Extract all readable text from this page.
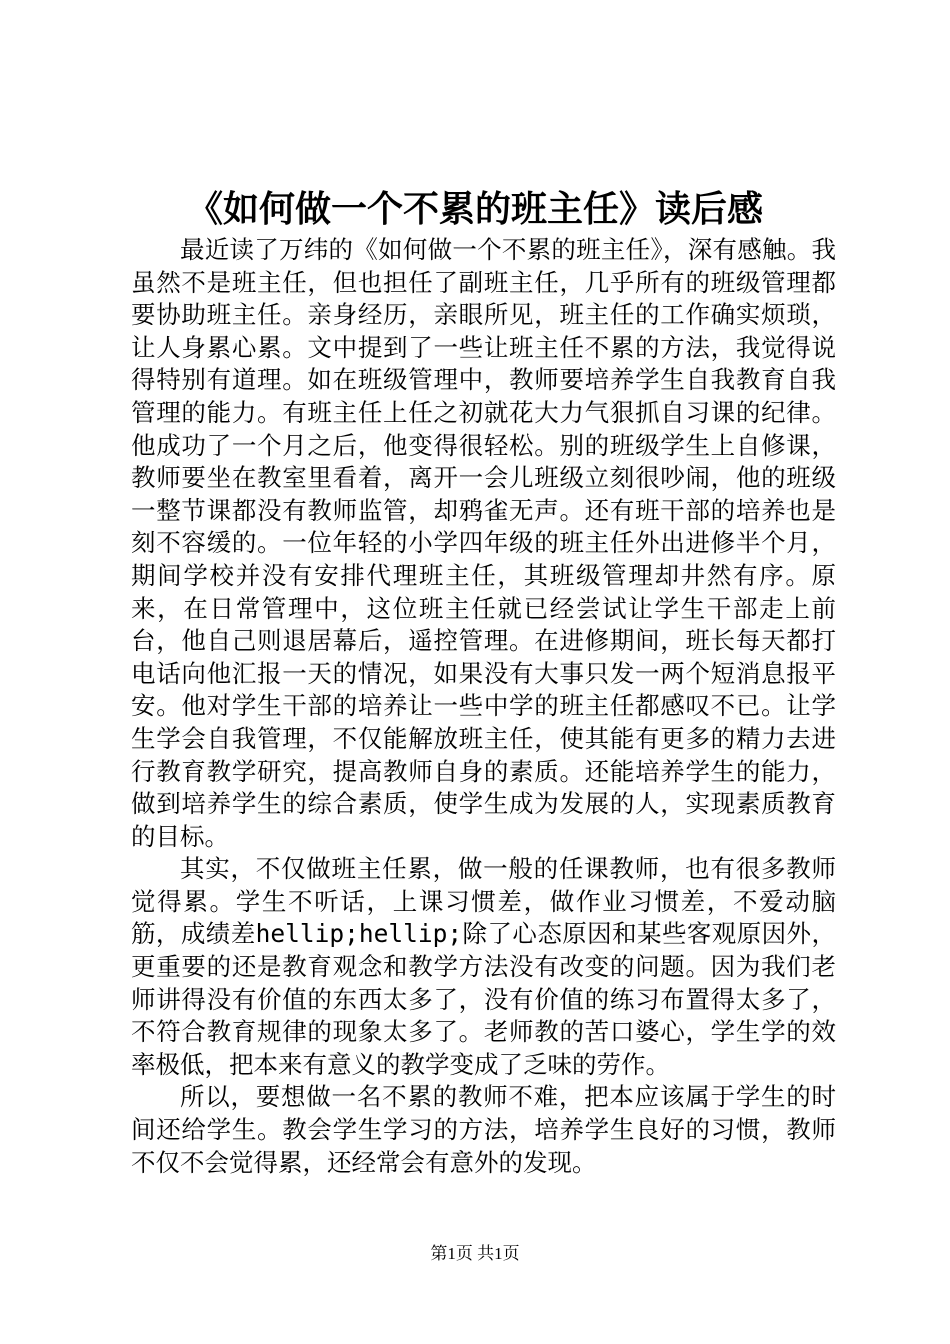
《如何做一个不累的班主任》读后感

最近读了万纬的《如何做一个不累的班主任》，深有感触。我虽然不是班主任，但也担任了副班主任，几乎所有的班级管理都要协助班主任。亲身经历，亲眼所见，班主任的工作确实烦琐，让人身累心累。文中提到了一些让班主任不累的方法，我觉得说得特别有道理。如在班级管理中，教师要培养学生自我教育自我管理的能力。有班主任上任之初就花大力气狠抓自习课的纪律。他成功了一个月之后，他变得很轻松。别的班级学生上自修课，教师要坐在教室里看着，离开一会儿班级立刻很吵闹，他的班级一整节课都没有教师监管，却鸦雀无声。还有班干部的培养也是刻不容缓的。一位年轻的小学四年级的班主任外出进修半个月，期间学校并没有安排代理班主任，其班级管理却井然有序。原来，在日常管理中，这位班主任就已经尝试让学生干部走上前台，他自己则退居幕后，遥控管理。在进修期间，班长每天都打电话向他汇报一天的情况，如果没有大事只发一两个短消息报平安。他对学生干部的培养让一些中学的班主任都感叹不已。让学生学会自我管理，不仅能解放班主任，使其能有更多的精力去进行教育教学研究，提高教师自身的素质。还能培养学生的能力，做到培养学生的综合素质，使学生成为发展的人，实现素质教育的目标。

其实，不仅做班主任累，做一般的任课教师，也有很多教师觉得累。学生不听话，上课习惯差，做作业习惯差，不爱动脑筋，成绩差hellip;hellip;除了心态原因和某些客观原因外，更重要的还是教育观念和教学方法没有改变的问题。因为我们老师讲得没有价值的东西太多了，没有价值的练习布置得太多了，不符合教育规律的现象太多了。老师教的苦口婆心，学生学的效率极低，把本来有意义的教学变成了乏味的劳作。

所以，要想做一名不累的教师不难，把本应该属于学生的时间还给学生。教会学生学习的方法，培养学生良好的习惯，教师不仅不会觉得累，还经常会有意外的发现。

第1页 共1页
